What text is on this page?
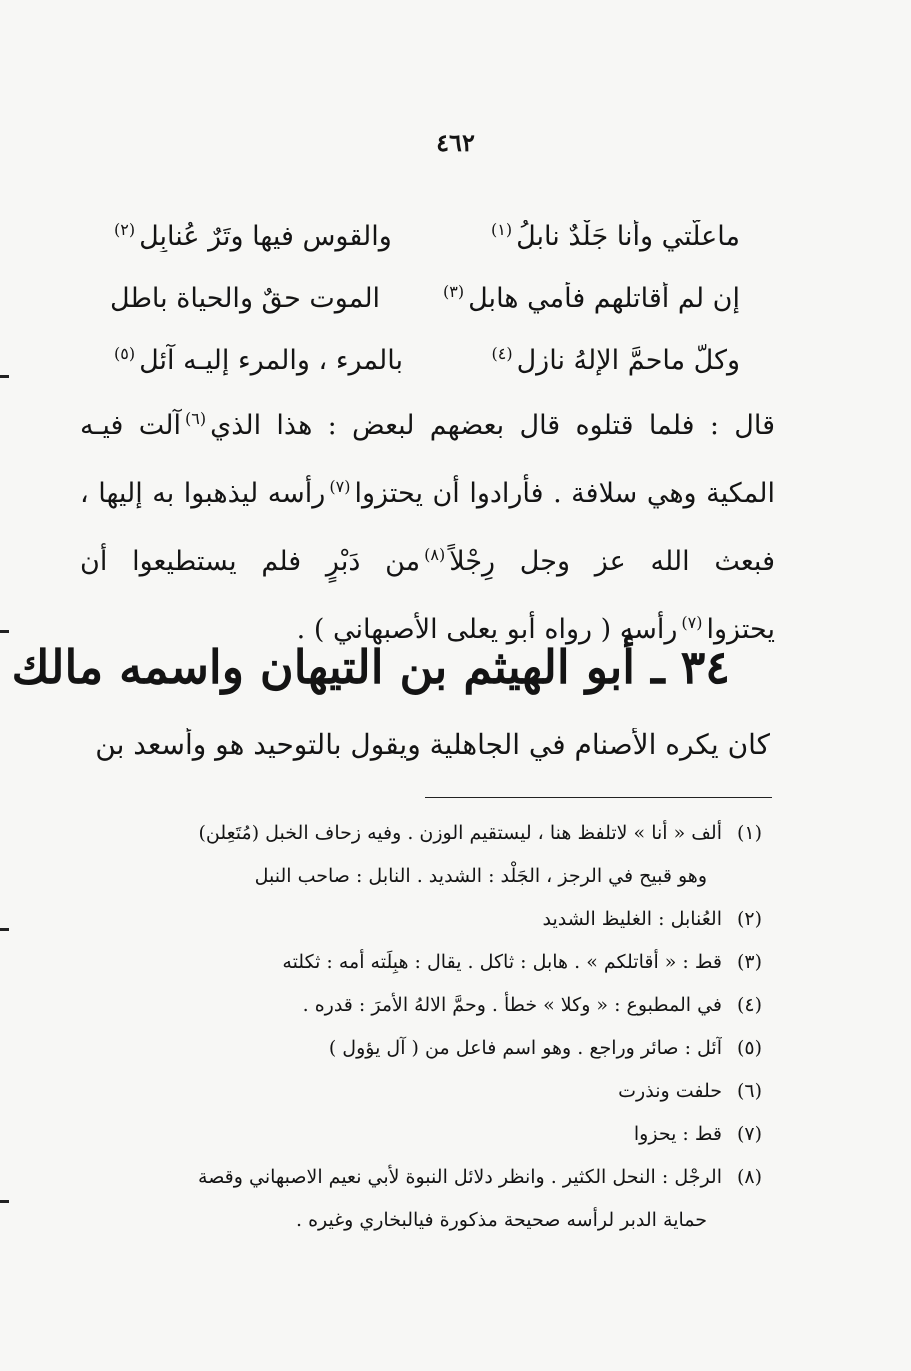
٤٦٢
ماعلّتي وأنا جَلْدٌ نابلُ$^{(١)}$
والقوس فيها وتَرٌ عُنابِل$^{(٢)}$
إن لم أقاتلهم فأمي هابل$^{(٣)}$
الموت حقٌ والحياة باطل
وكلُّ ماحمَّ الإلهُ نازل$^{(٤)}$
بالمرء ، والمرء إليـه آئل$^{(٥)}$
قال : فلما قتلوه قال بعضهم لبعض : هذا الذي$^{(٦)}$آلت فيـه المكية وهي سلافة . فأرادوا أن يحتزوا$^{(٧)}$رأسه ليذهبوا به إليها ، فبعث الله عز وجل رِجْلاً$^{(٨)}$من دَبْرٍ فلم يستطيعوا أن يحتزوا$^{(٧)}$رأسه ( رواه أبو يعلى الأصبهاني ) .
٣٤ ـ أبو الهيثم بن التيهان واسمه مالك
كان يكره الأصنام في الجاهلية ويقول بالتوحيد هو وأسعد بن
(١)
ألف « أنا » لاتلفظ هنا ، ليستقيم الوزن . وفيه زحاف الخبل (مُتَعِلن)
وهو قبيح في الرجز ، الجَلْد : الشديد . النابل : صاحب النبل
(٢)
العُنابل : الغليظ الشديد
(٣)
قط : « أقاتلكم » . هابل : ثاكل . يقال : هبِلَته أمه : ثكلته
(٤)
في المطبوع : « وكلا » خطأ . وحمَّ الالهُ الأمرَ : قدره .
(٥)
آئل : صائر وراجع . وهو اسم فاعل من ( آل يؤول )
(٦)
حلفت ونذرت
(٧)
قط : يحزوا
(٨)
الرجْل : النحل الكثير . وانظر دلائل النبوة لأبي نعيم الاصبهاني وقصة
حماية الدبر لرأسه صحيحة مذكورة فيالبخاري وغيره .
